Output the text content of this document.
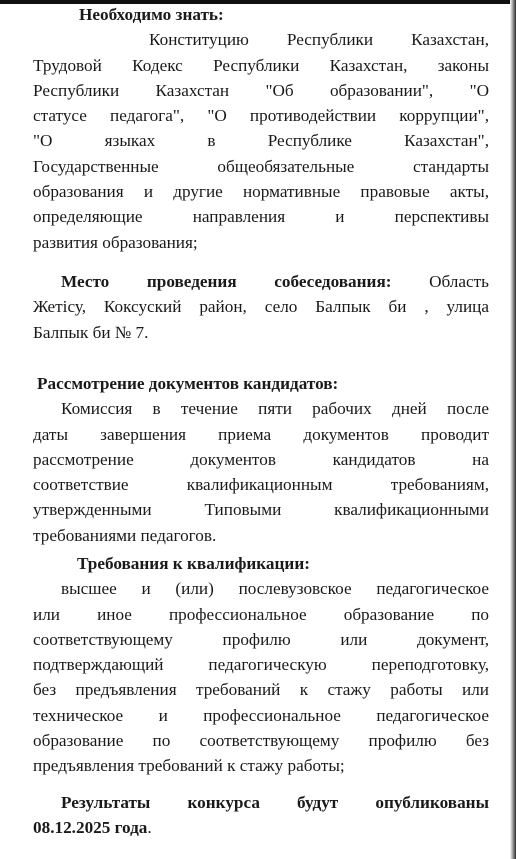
Необходимо знать:
Конституцию Республики Казахстан,
Трудовой Кодекс Республики Казахстан, законы
Республики Казахстан "Об образовании", "О
статусе педагога", "О противодействии коррупции",
"О языках в Республике Казахстан",
Государственные общеобязательные стандарты
образования и другие нормативные правовые акты,
определяющие направления и перспективы
развития образования;
Место проведения собеседования: Область
Жетісу, Коксуский район, село Балпык би , улица
Балпык би № 7.
Рассмотрение документов кандидатов:
Комиссия в течение пяти рабочих дней после
даты завершения приема документов проводит
рассмотрение документов кандидатов на
соответствие квалификационным требованиям,
утвержденными Типовыми квалификационными
требованиями педагогов.
Требования к квалификации:
высшее и (или) послевузовское педагогическое
или иное профессиональное образование по
соответствующему профилю или документ,
подтверждающий педагогическую переподготовку,
без предъявления требований к стажу работы или
техническое и профессиональное педагогическое
образование по соответствующему профилю без
предъявления требований к стажу работы;
Результаты конкурса будут опубликованы
08.12.2025 года.
